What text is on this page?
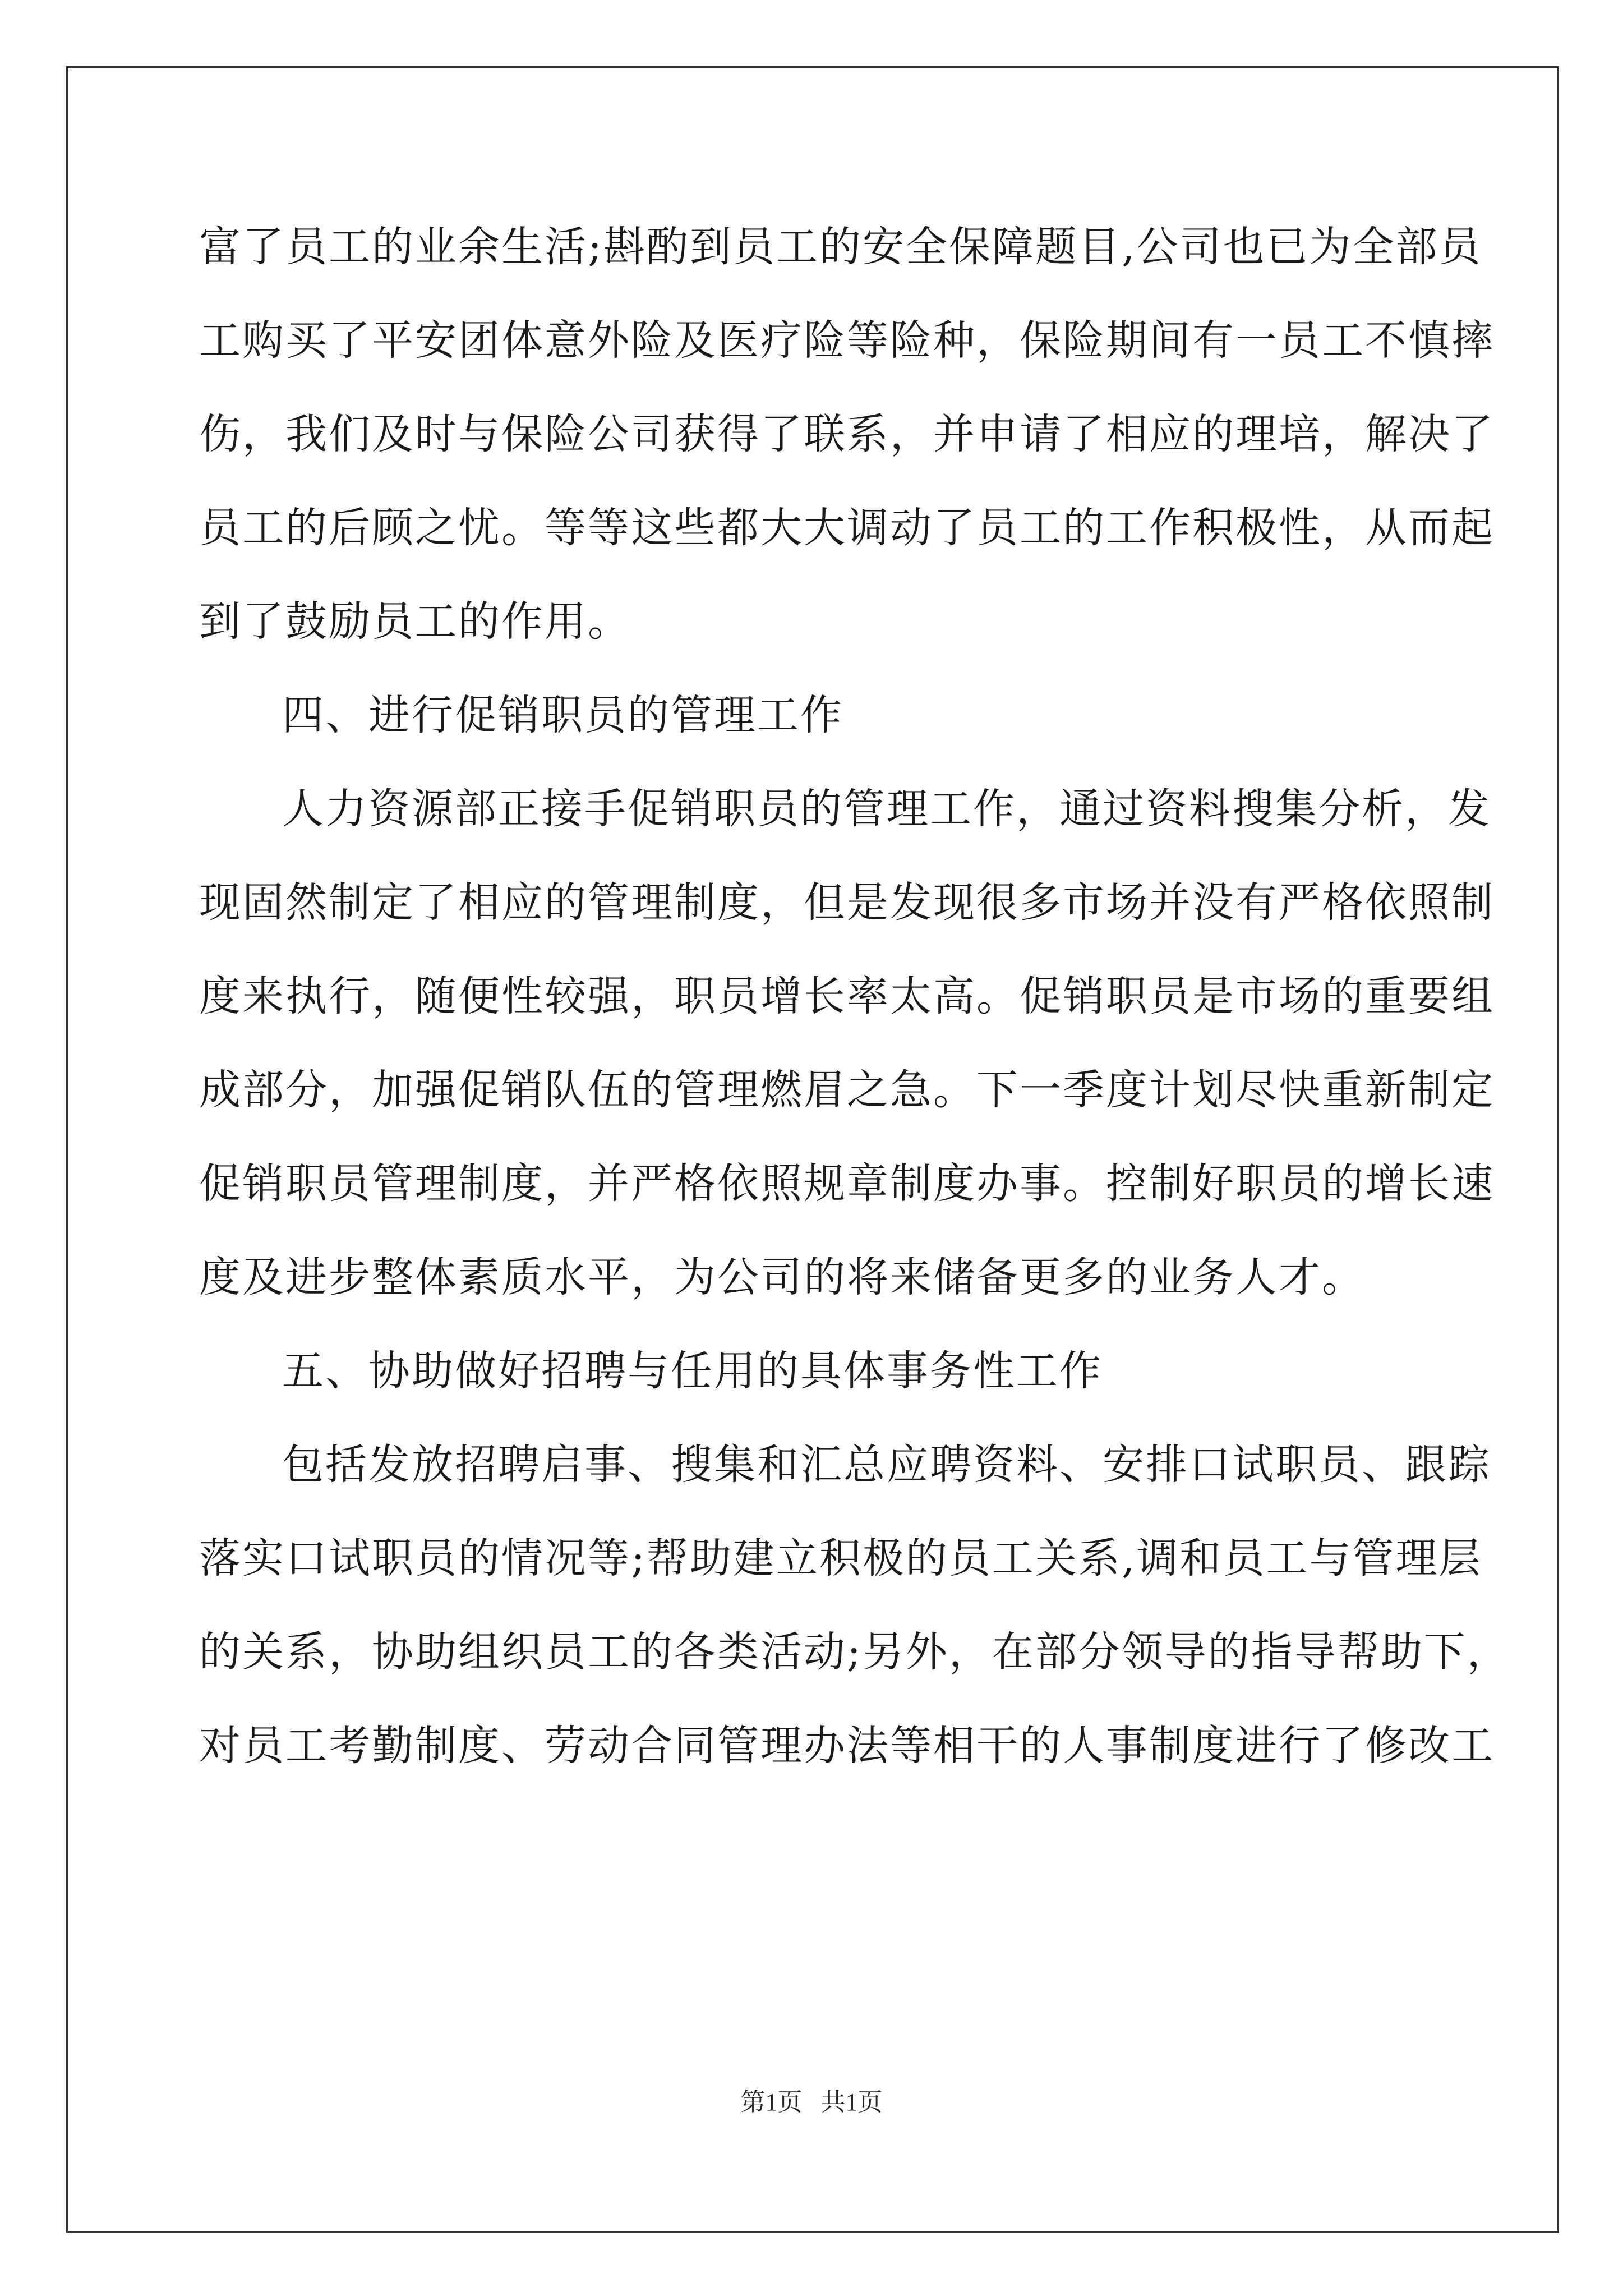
富了员工的业余生活;斟酌到员工的安全保障题目,公司也已为全部员
工购买了平安团体意外险及医疗险等险种，保险期间有一员工不慎摔
伤，我们及时与保险公司获得了联系，并申请了相应的理培，解决了
员工的后顾之忧。等等这些都大大调动了员工的工作积极性，从而起
到了鼓励员工的作用。
四、进行促销职员的管理工作
人力资源部正接手促销职员的管理工作，通过资料搜集分析，发
现固然制定了相应的管理制度，但是发现很多市场并没有严格依照制
度来执行，随便性较强，职员增长率太高。促销职员是市场的重要组
成部分，加强促销队伍的管理燃眉之急。下一季度计划尽快重新制定
促销职员管理制度，并严格依照规章制度办事。控制好职员的增长速
度及进步整体素质水平，为公司的将来储备更多的业务人才。
五、协助做好招聘与任用的具体事务性工作
包括发放招聘启事、搜集和汇总应聘资料、安排口试职员、跟踪
落实口试职员的情况等;帮助建立积极的员工关系,调和员工与管理层
的关系，协助组织员工的各类活动;另外，在部分领导的指导帮助下，
对员工考勤制度、劳动合同管理办法等相干的人事制度进行了修改工
第1页   共1页
